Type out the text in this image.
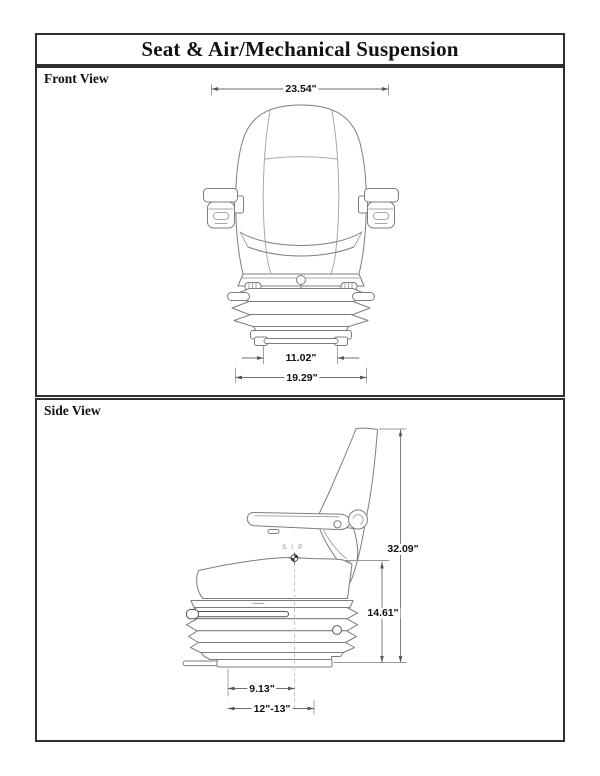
Seat & Air/Mechanical Suspension
Front View
23.54"
11.02"
19.29"
Side View
S I P	32.09"
14.61"
9.13"
12"-13"
